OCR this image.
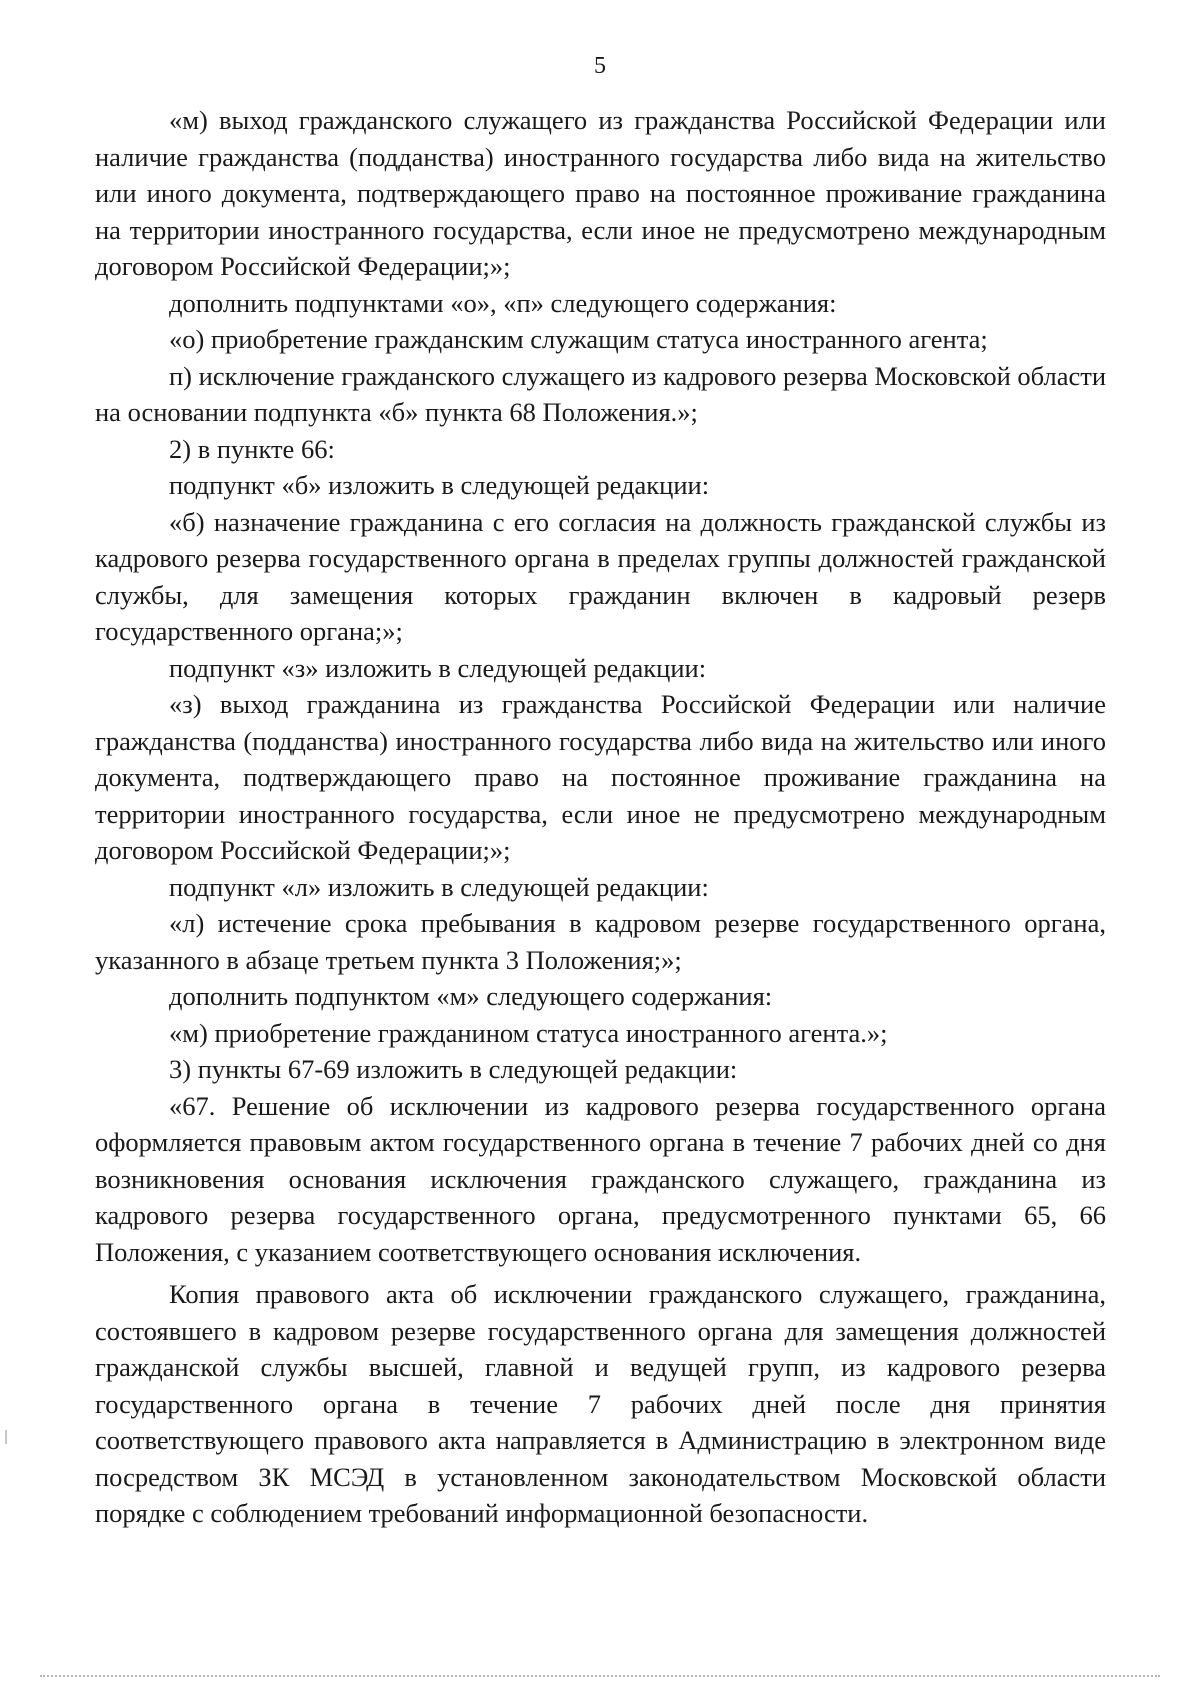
5

«м) выход гражданского служащего из гражданства Российской Федерации или наличие гражданства (подданства) иностранного государства либо вида на жительство или иного документа, подтверждающего право на постоянное проживание гражданина на территории иностранного государства, если иное не предусмотрено международным договором Российской Федерации;»;

дополнить подпунктами «о», «п» следующего содержания:

«о) приобретение гражданским служащим статуса иностранного агента;

п) исключение гражданского служащего из кадрового резерва Московской области на основании подпункта «б» пункта 68 Положения.»;

2) в пункте 66:

подпункт «б» изложить в следующей редакции:

«б) назначение гражданина с его согласия на должность гражданской службы из кадрового резерва государственного органа в пределах группы должностей гражданской службы, для замещения которых гражданин включен в кадровый резерв государственного органа;»;

подпункт «з» изложить в следующей редакции:

«з) выход гражданина из гражданства Российской Федерации или наличие гражданства (подданства) иностранного государства либо вида на жительство или иного документа, подтверждающего право на постоянное проживание гражданина на территории иностранного государства, если иное не предусмотрено международным договором Российской Федерации;»;

подпункт «л» изложить в следующей редакции:

«л) истечение срока пребывания в кадровом резерве государственного органа, указанного в абзаце третьем пункта 3 Положения;»;

дополнить подпунктом «м» следующего содержания:

«м) приобретение гражданином статуса иностранного агента.»;

3) пункты 67-69 изложить в следующей редакции:

«67. Решение об исключении из кадрового резерва государственного органа оформляется правовым актом государственного органа в течение 7 рабочих дней со дня возникновения основания исключения гражданского служащего, гражданина из кадрового резерва государственного органа, предусмотренного пунктами 65, 66 Положения, с указанием соответствующего основания исключения.

Копия правового акта об исключении гражданского служащего, гражданина, состоявшего в кадровом резерве государственного органа для замещения должностей гражданской службы высшей, главной и ведущей групп, из кадрового резерва государственного органа в течение 7 рабочих дней после дня принятия соответствующего правового акта направляется в Администрацию в электронном виде посредством ЗК МСЭД в установленном законодательством Московской области порядке с соблюдением требований информационной безопасности.
